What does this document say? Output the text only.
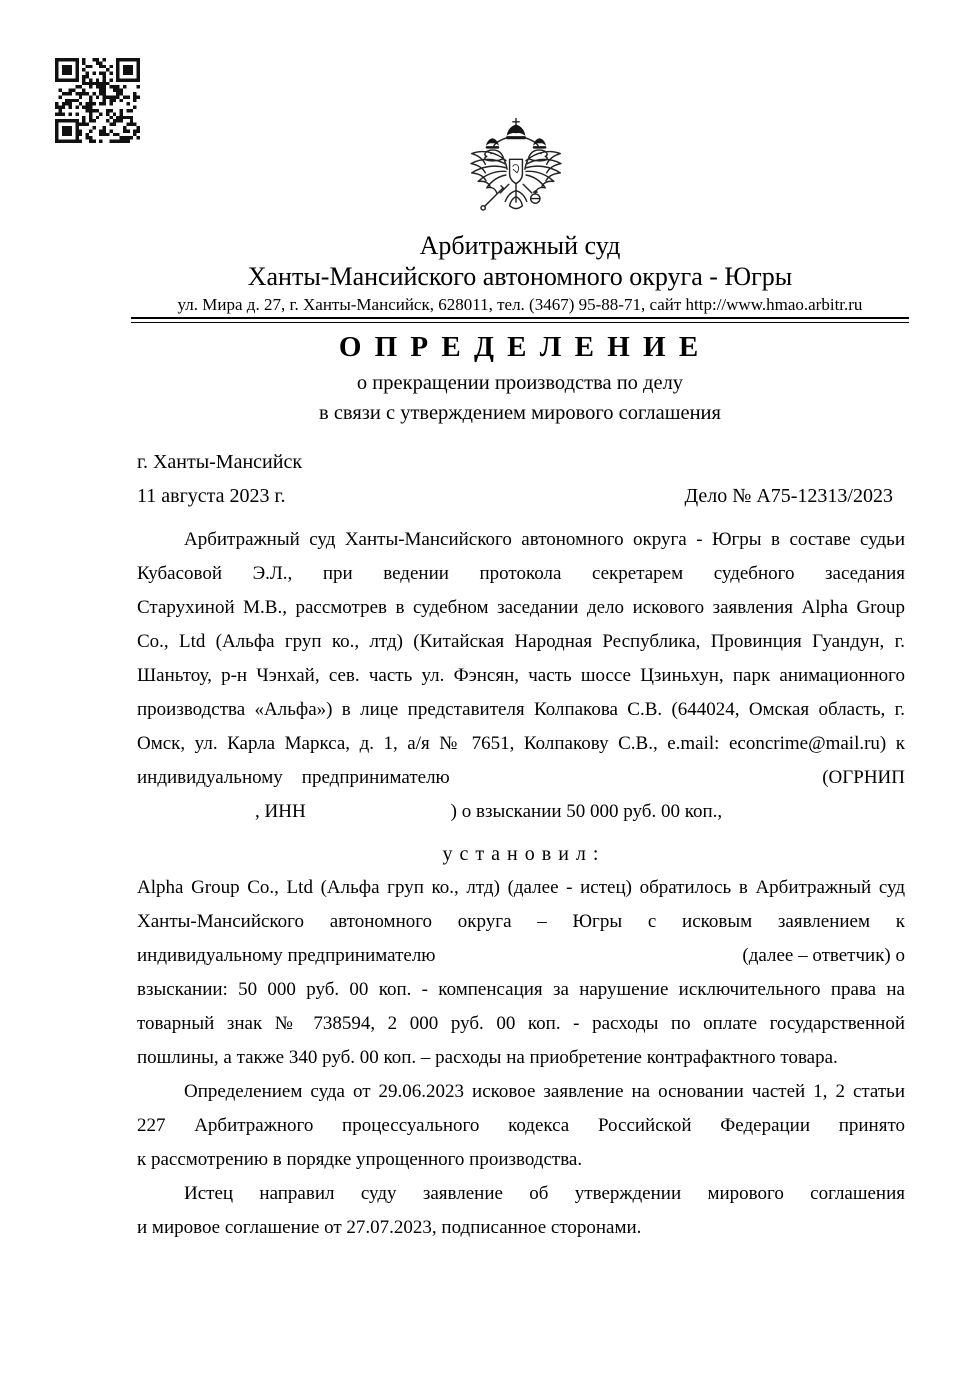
Арбитражный суд
Ханты-Мансийского автономного округа - Югры
ул. Мира д. 27, г. Ханты-Мансийск, 628011, тел. (3467) 95-88-71, сайт http://www.hmao.arbitr.ru
О П Р Е Д Е Л Е Н И Е
о прекращении производства по делу
в связи с утверждением мирового соглашения
г. Ханты-Мансийск
11 августа 2023 г.	Дело № А75-12313/2023
Арбитражный суд Ханты-Мансийского автономного округа - Югры в составе судьи
Кубасовой Э.Л., при ведении протокола секретарем судебного заседания
Старухиной М.В., рассмотрев в судебном заседании дело искового заявления Alpha Group
Co., Ltd (Альфа груп ко., лтд) (Китайская Народная Республика, Провинция Гуандун, г.
Шаньтоу, р-н Чэнхай, сев. часть ул. Фэнсян, часть шоссе Цзиньхун, парк анимационного
производства «Альфа») в лице представителя Колпакова С.В. (644024, Омская область, г.
Омск, ул. Карла Маркса, д. 1, а/я № 7651, Колпакову С.В., e.mail: econcrime@mail.ru) к
индивидуальному предпринимателю	(ОГРНИП
, ИНН	) о взыскании 50 000 руб. 00 коп.,
у с т а н о в и л :
Alpha Group Co., Ltd (Альфа груп ко., лтд) (далее - истец) обратилось в Арбитражный суд
Ханты-Мансийского автономного округа – Югры с исковым заявлением к
индивидуальному предпринимателю	(далее – ответчик) о
взыскании: 50 000 руб. 00 коп. - компенсация за нарушение исключительного права на
товарный знак № 738594, 2 000 руб. 00 коп. - расходы по оплате государственной
пошлины, а также 340 руб. 00 коп. – расходы на приобретение контрафактного товара.
Определением суда от 29.06.2023 исковое заявление на основании частей 1, 2 статьи
227 Арбитражного процессуального кодекса Российской Федерации принято
к рассмотрению в порядке упрощенного производства.
Истец направил суду заявление об утверждении мирового соглашения
и мировое соглашение от 27.07.2023, подписанное сторонами.
